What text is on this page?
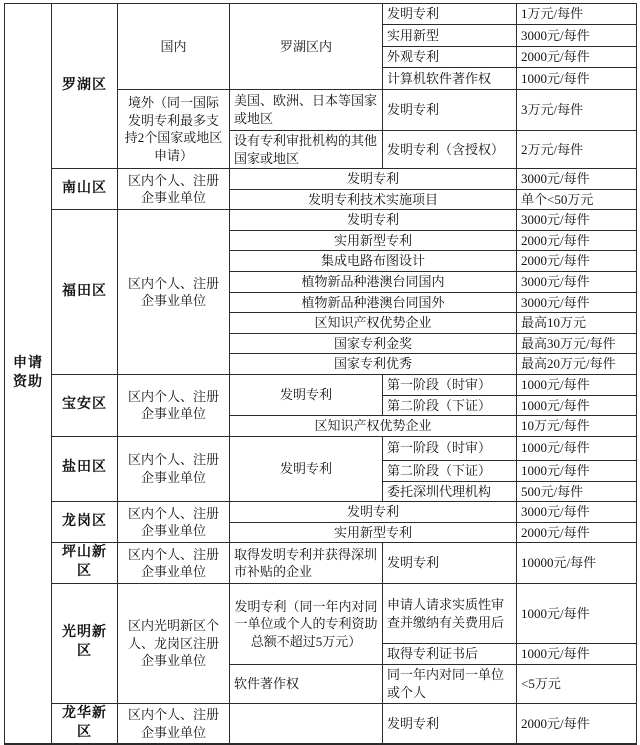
申请资助	罗湖区	国内	罗湖区内	发明专利	1万元/每件
				实用新型	3000元/每件
				外观专利	2000元/每件
				计算机软件著作权	1000元/每件
		境外（同一国际发明专利最多支持2个国家或地区申请）	美国、欧洲、日本等国家或地区	发明专利	3万元/每件
			设有专利审批机构的其他国家或地区	发明专利（含授权）	2万元/每件
	南山区	区内个人、注册企事业单位	发明专利		3000元/每件
			发明专利技术实施项目		单个<50万元
	福田区	区内个人、注册企事业单位	发明专利		3000元/每件
			实用新型专利		2000元/每件
			集成电路布图设计		2000元/每件
			植物新品种港澳台同国内		3000元/每件
			植物新品种港澳台同国外		3000元/每件
			区知识产权优势企业		最高10万元
			国家专利金奖		最高30万元/每件
			国家专利优秀		最高20万元/每件
	宝安区	区内个人、注册企事业单位	发明专利	第一阶段（时审）	1000元/每件
				第二阶段（下证）	1000元/每件
			区知识产权优势企业		10万元/每件
	盐田区	区内个人、注册企事业单位	发明专利	第一阶段（时审）	1000元/每件
				第二阶段（下证）	1000元/每件
				委托深圳代理机构	500元/每件
	龙岗区	区内个人、注册企事业单位	发明专利		3000元/每件
			实用新型专利		2000元/每件
	坪山新区	区内个人、注册企事业单位	取得发明专利并获得深圳市补贴的企业	发明专利	10000元/每件
	光明新区	区内光明新区个人、龙岗区注册企事业单位	发明专利（同一年内对同一单位或个人的专利资助总额不超过5万元）	申请人请求实质性审查并缴纳有关费用后	1000元/每件
				取得专利证书后	1000元/每件
			软件著作权	同一年内对同一单位或个人	<5万元
	龙华新区	区内个人、注册企事业单位		发明专利	2000元/每件
